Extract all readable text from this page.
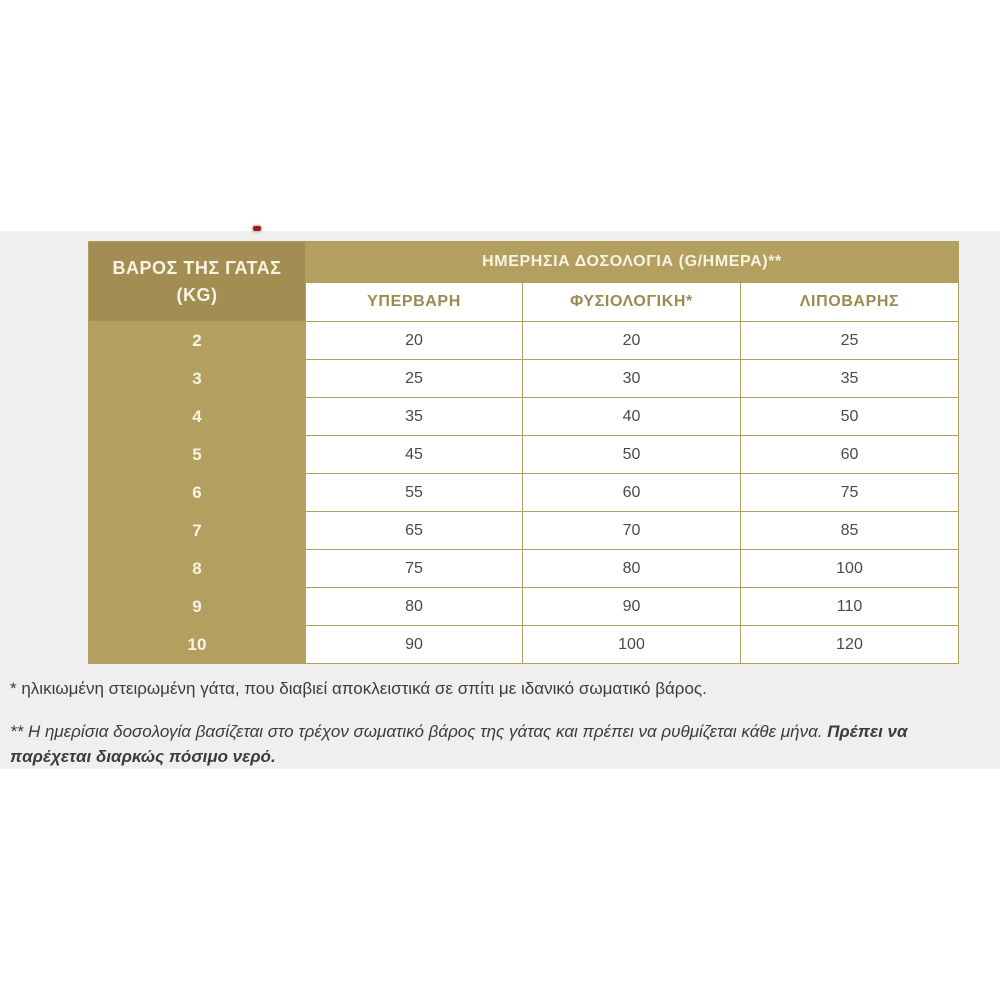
ΒΑΡΟΣ ΤΗΣ ΓΑΤΑΣ
(KG)	ΗΜΕΡΗΣΙΑ ΔΟΣΟΛΟΓΙΑ (G/ΗΜΕΡΑ)**		
	ΥΠΕΡΒΑΡΗ	ΦΥΣΙΟΛΟΓΙΚΗ*	ΛΙΠΟΒΑΡΗΣ
2	20	20	25
3	25	30	35
4	35	40	50
5	45	50	60
6	55	60	75
7	65	70	85
8	75	80	100
9	80	90	110
10	90	100	120

* ηλικιωμένη στειρωμένη γάτα, που διαβιεί αποκλειστικά σε σπίτι με ιδανικό σωματικό βάρος.

** Η ημερίσια δοσολογία βασίζεται στο τρέχον σωματικό βάρος της γάτας και πρέπει να ρυθμίζεται κάθε μήνα. Πρέπει να παρέχεται διαρκώς πόσιμο νερό.
